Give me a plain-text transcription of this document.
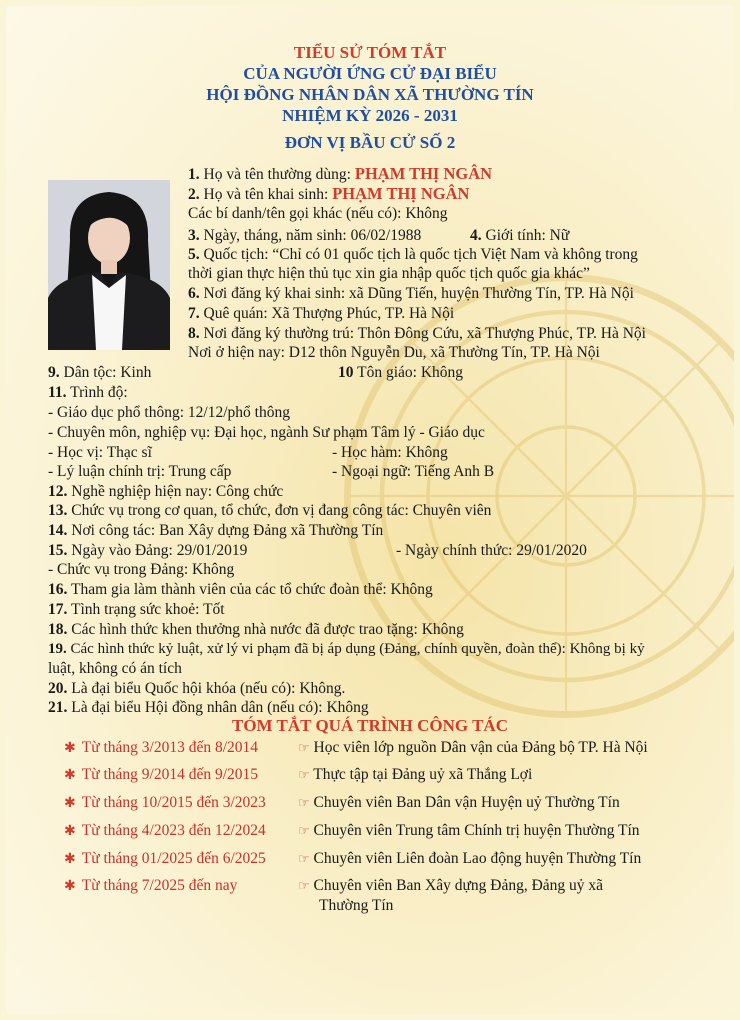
TIỂU SỬ TÓM TẮT
CỦA NGƯỜI ỨNG CỬ ĐẠI BIỂU
HỘI ĐỒNG NHÂN DÂN XÃ THƯỜNG TÍN
NHIỆM KỲ 2026 - 2031
ĐƠN VỊ BẦU CỬ SỐ 2
1. Họ và tên thường dùng: PHẠM THỊ NGÂN
2. Họ và tên khai sinh: PHẠM THỊ NGÂN
Các bí danh/tên gọi khác (nếu có): Không
3. Ngày, tháng, năm sinh: 06/02/1988	4. Giới tính: Nữ
5. Quốc tịch: “Chỉ có 01 quốc tịch là quốc tịch Việt Nam và không trong
thời gian thực hiện thủ tục xin gia nhập quốc tịch quốc gia khác”
6. Nơi đăng ký khai sinh: xã Dũng Tiến, huyện Thường Tín, TP. Hà Nội
7. Quê quán: Xã Thượng Phúc, TP. Hà Nội
8. Nơi đăng ký thường trú: Thôn Đông Cứu, xã Thượng Phúc, TP. Hà Nội
Nơi ở hiện nay: D12 thôn Nguyễn Du, xã Thường Tín, TP. Hà Nội
9. Dân tộc: Kinh	10 Tôn giáo: Không
11. Trình độ:
- Giáo dục phổ thông: 12/12/phổ thông
- Chuyên môn, nghiệp vụ: Đại học, ngành Sư phạm Tâm lý - Giáo dục
- Học vị: Thạc sĩ	- Học hàm: Không
- Lý luận chính trị: Trung cấp	- Ngoại ngữ: Tiếng Anh B
12. Nghề nghiệp hiện nay: Công chức
13. Chức vụ trong cơ quan, tổ chức, đơn vị đang công tác: Chuyên viên
14. Nơi công tác: Ban Xây dựng Đảng xã Thường Tín
15. Ngày vào Đảng: 29/01/2019	- Ngày chính thức: 29/01/2020
- Chức vụ trong Đảng: Không
16. Tham gia làm thành viên của các tổ chức đoàn thể: Không
17. Tình trạng sức khoẻ: Tốt
18. Các hình thức khen thưởng nhà nước đã được trao tặng: Không
19. Các hình thức kỷ luật, xử lý vi phạm đã bị áp dụng (Đảng, chính quyền, đoàn thể): Không bị kỷ
luật, không có án tích
20. Là đại biểu Quốc hội khóa (nếu có): Không.
21. Là đại biểu Hội đồng nhân dân (nếu có): Không
TÓM TẮT QUÁ TRÌNH CÔNG TÁC
✱ Từ tháng 3/2013 đến 8/2014	☞ Học viên lớp nguồn Dân vận của Đảng bộ TP. Hà Nội
✱ Từ tháng 9/2014 đến 9/2015	☞ Thực tập tại Đảng uỷ xã Thắng Lợi
✱ Từ tháng 10/2015 đến 3/2023 ☞ Chuyên viên Ban Dân vận Huyện uỷ Thường Tín
✱ Từ tháng 4/2023 đến 12/2024 ☞ Chuyên viên Trung tâm Chính trị huyện Thường Tín
✱ Từ tháng 01/2025 đến 6/2025 ☞ Chuyên viên Liên đoàn Lao động huyện Thường Tín
✱ Từ tháng 7/2025 đến nay	☞ Chuyên viên Ban Xây dựng Đảng, Đảng uỷ xã
Thường Tín
